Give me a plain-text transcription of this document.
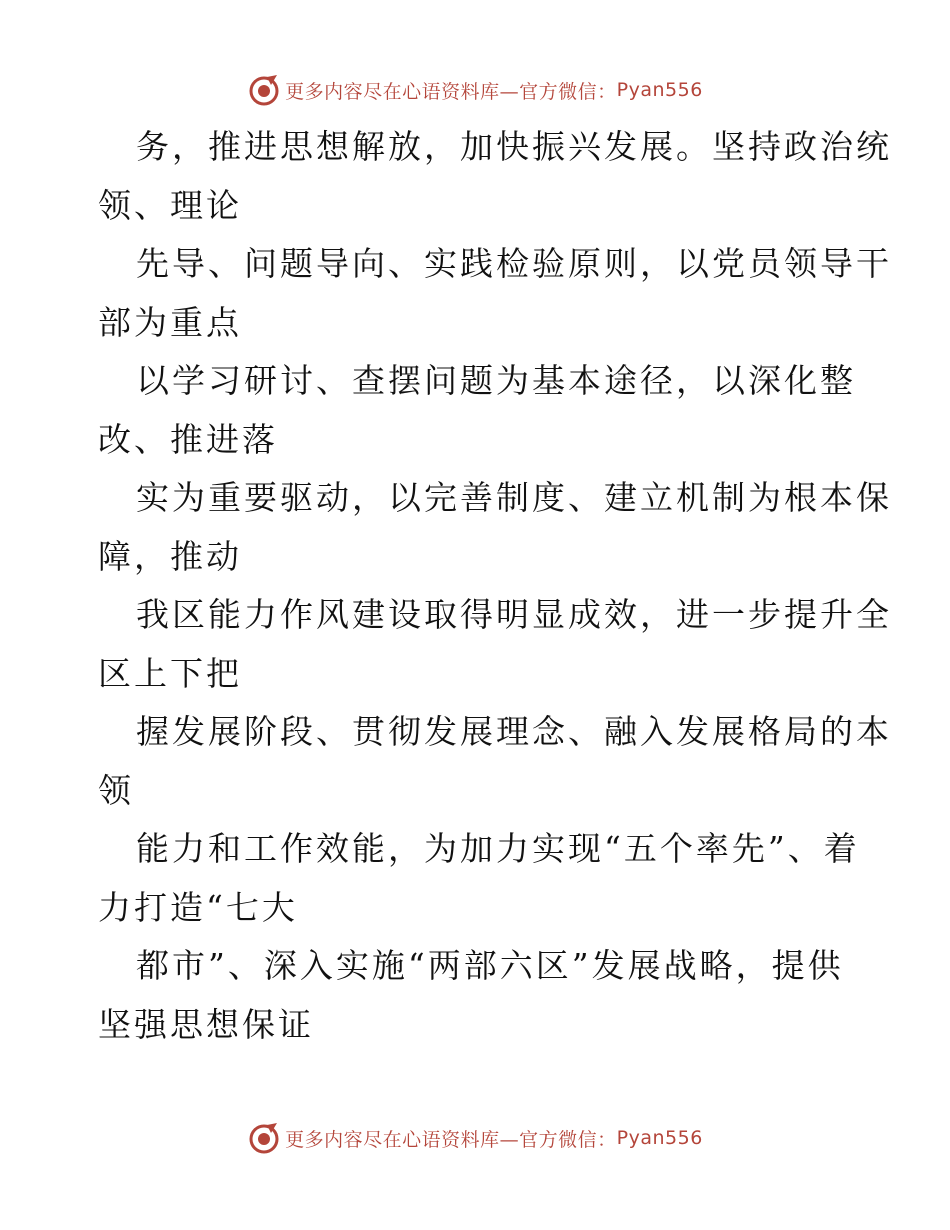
更多内容尽在心语资料库—官方微信： Pyan556
务，推进思想解放，加快振兴发展。坚持政治统
领、理论
先导、问题导向、实践检验原则，以党员领导干
部为重点
以学习研讨、查摆问题为基本途径，以深化整
改、推进落
实为重要驱动，以完善制度、建立机制为根本保
障，推动
我区能力作风建设取得明显成效，进一步提升全
区上下把
握发展阶段、贯彻发展理念、融入发展格局的本
领
能力和工作效能，为加力实现“五个率先”、着
力打造“七大
都市”、深入实施“两部六区”发展战略，提供
坚强思想保证
更多内容尽在心语资料库—官方微信： Pyan556
